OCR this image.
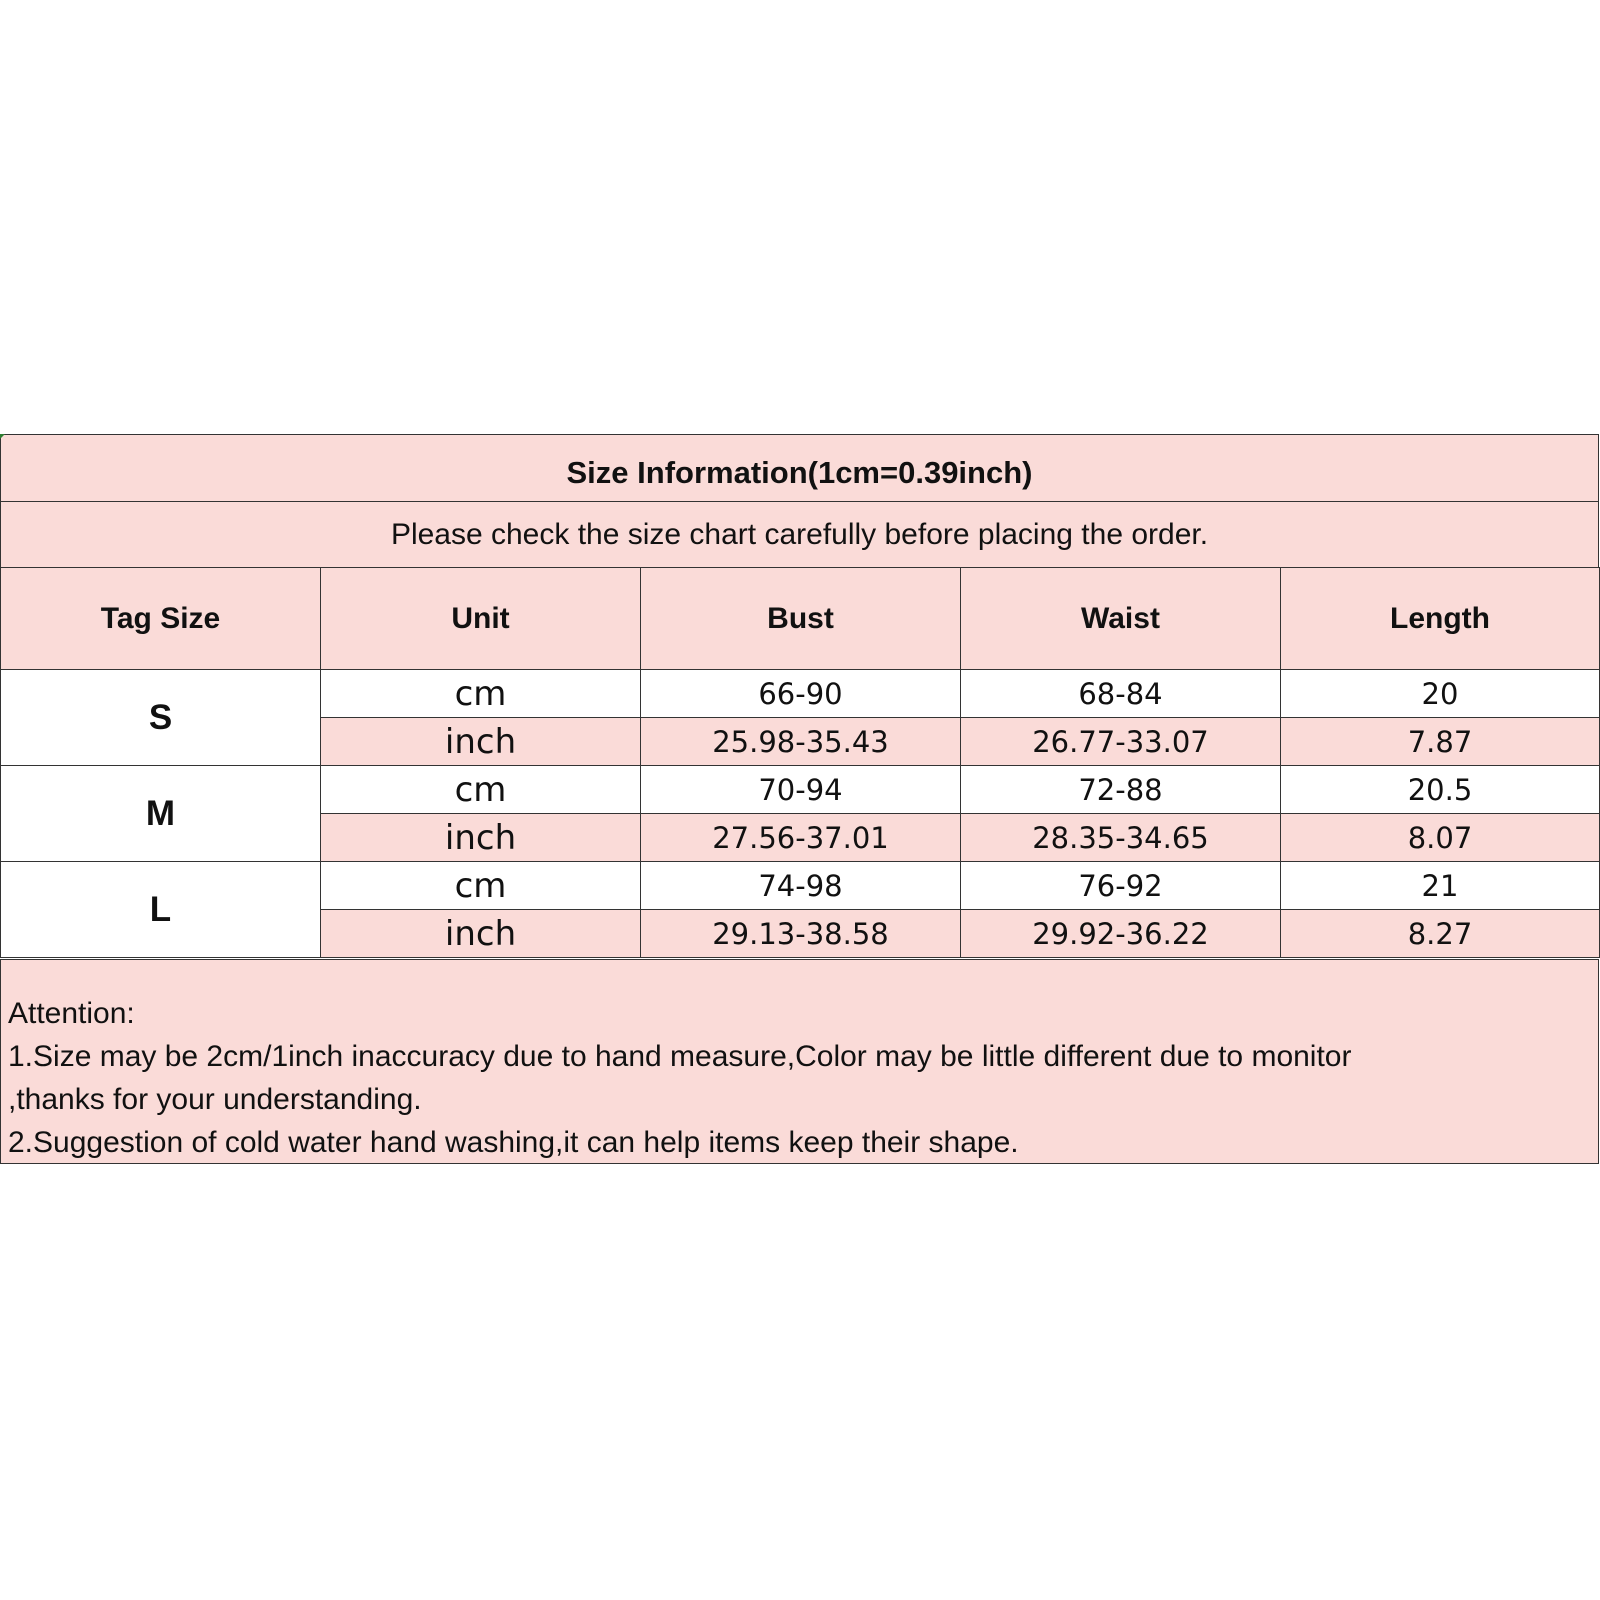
Size Information(1cm=0.39inch)
Please check the size chart carefully before placing the order.
Tag Size	Unit	Bust	Waist	Length
S	cm	66-90	68-84	20
	inch	25.98-35.43	26.77-33.07	7.87
M	cm	70-94	72-88	20.5
	inch	27.56-37.01	28.35-34.65	8.07
L	cm	74-98	76-92	21
	inch	29.13-38.58	29.92-36.22	8.27

Attention:

1.Size may be 2cm/1inch inaccuracy due to hand measure,Color may be little different due to monitor

,thanks for your understanding.

2.Suggestion of cold water hand washing,it can help items keep their shape.
